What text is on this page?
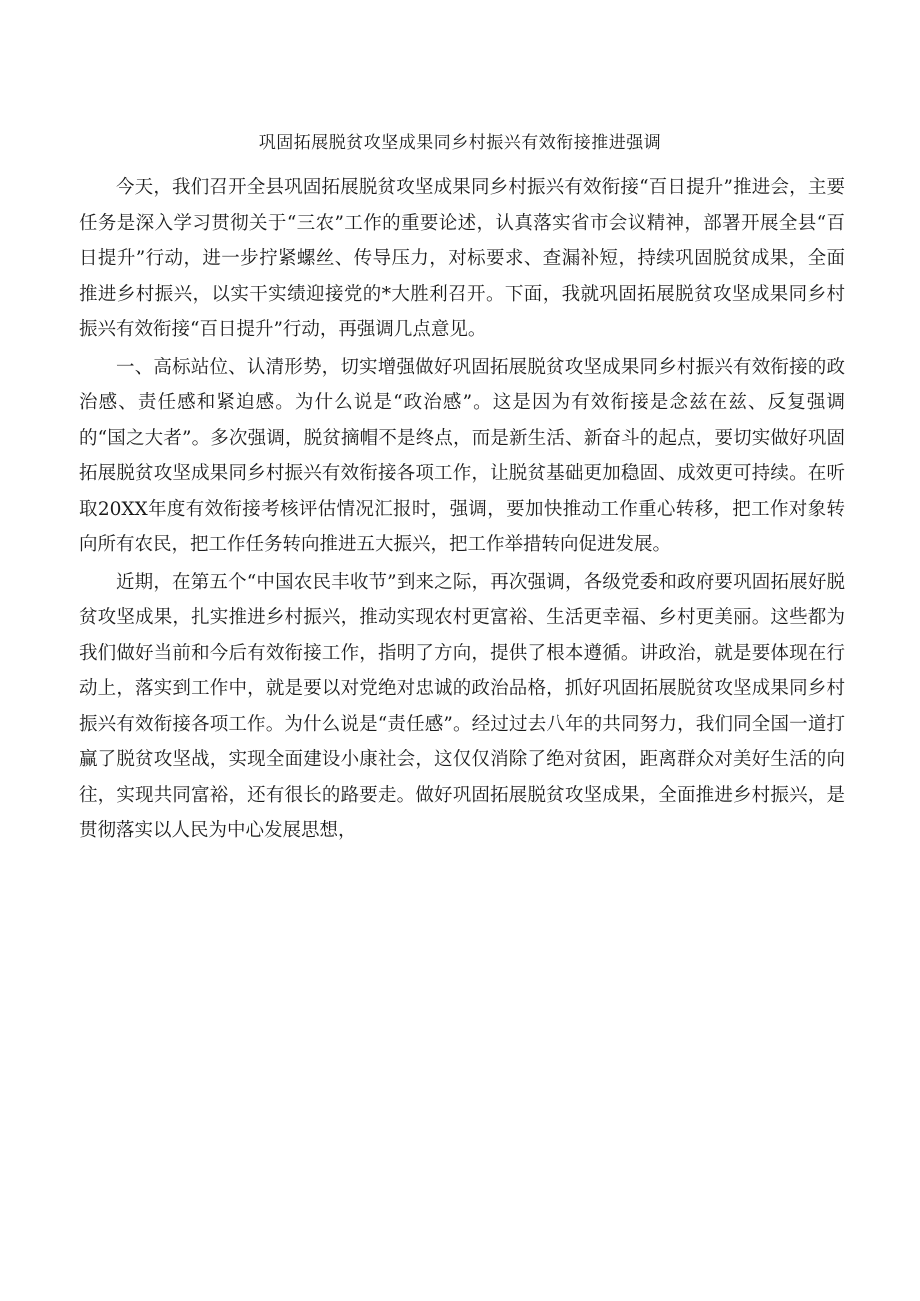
巩固拓展脱贫攻坚成果同乡村振兴有效衔接推进强调

今天，我们召开全县巩固拓展脱贫攻坚成果同乡村振兴有效衔接“百日提升”推进会，主要任务是深入学习贯彻关于“三农”工作的重要论述，认真落实省市会议精神，部署开展全县“百日提升”行动，进一步拧紧螺丝、传导压力，对标要求、查漏补短，持续巩固脱贫成果，全面推进乡村振兴，以实干实绩迎接党的*大胜利召开。下面，我就巩固拓展脱贫攻坚成果同乡村振兴有效衔接“百日提升”行动，再强调几点意见。

一、高标站位、认清形势，切实增强做好巩固拓展脱贫攻坚成果同乡村振兴有效衔接的政治感、责任感和紧迫感。为什么说是“政治感”。这是因为有效衔接是念兹在兹、反复强调的“国之大者”。多次强调，脱贫摘帽不是终点，而是新生活、新奋斗的起点，要切实做好巩固拓展脱贫攻坚成果同乡村振兴有效衔接各项工作，让脱贫基础更加稳固、成效更可持续。在听取20XX年度有效衔接考核评估情况汇报时，强调，要加快推动工作重心转移，把工作对象转向所有农民，把工作任务转向推进五大振兴，把工作举措转向促进发展。

近期，在第五个“中国农民丰收节”到来之际，再次强调，各级党委和政府要巩固拓展好脱贫攻坚成果，扎实推进乡村振兴，推动实现农村更富裕、生活更幸福、乡村更美丽。这些都为我们做好当前和今后有效衔接工作，指明了方向，提供了根本遵循。讲政治，就是要体现在行动上，落实到工作中，就是要以对党绝对忠诚的政治品格，抓好巩固拓展脱贫攻坚成果同乡村振兴有效衔接各项工作。为什么说是“责任感”。经过过去八年的共同努力，我们同全国一道打赢了脱贫攻坚战，实现全面建设小康社会，这仅仅消除了绝对贫困，距离群众对美好生活的向往，实现共同富裕，还有很长的路要走。做好巩固拓展脱贫攻坚成果，全面推进乡村振兴，是贯彻落实以人民为中心发展思想，
